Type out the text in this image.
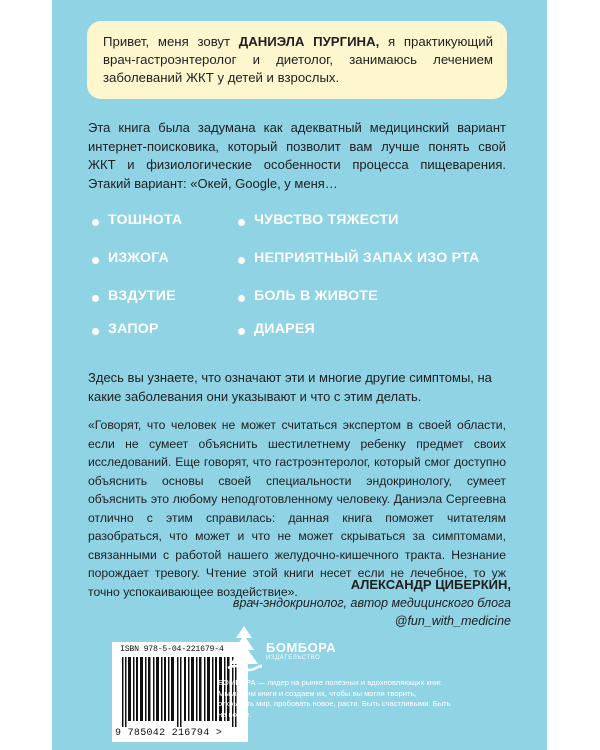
Привет, меня зовут ДАНИЭЛА ПУРГИНА, я практикующий врач-гастроэнтеролог и диетолог, занимаюсь лечением заболеваний ЖКТ у детей и взрослых.

Эта книга была задумана как адекватный медицинский вариант интернет-поисковика, который позволит вам лучше понять свой ЖКТ и физиологические особенности процесса пищеварения. Этакий вариант: «Окей, Google, у меня…

ТОШНОТА
ИЗЖОГА
ВЗДУТИЕ
ЗАПОР
ЧУВСТВО ТЯЖЕСТИ
НЕПРИЯТНЫЙ ЗАПАХ ИЗО РТА
БОЛЬ В ЖИВОТЕ
ДИАРЕЯ

Здесь вы узнаете, что означают эти и многие другие симптомы, на какие заболевания они указывают и что с этим делать.

«Говорят, что человек не может считаться экспертом в своей области, если не сумеет объяснить шестилетнему ребенку предмет своих исследований. Еще говорят, что гастроэнтеролог, который смог доступно объяснить основы своей специальности эндокринологу, сумеет объяснить это любому неподготовленному человеку. Даниэла Сергеевна отлично с этим справилась: данная книга поможет читателям разобраться, что может и что не может скрываться за симптомами, связанными с работой нашего желудочно-кишечного тракта. Незнание порождает тревогу. Чтение этой книги несет если не лечебное, то уж точно успокаивающее воздействие».	АЛЕКСАНДР ЦИБЕРКИН,
врач-эндокринолог, автор медицинского блога
@fun_with_medicine
ISBN 978-5-04-221679-4
9 785042 216794 >
БОМБОРА
ИЗДАТЕЛЬСТВО

БОМБОРА — лидер на рынке полезных и вдохновляющих книг. Мы любим книги и создаем их, чтобы вы могли творить, открывать мир, пробовать новое, расти. Быть счастливыми. Быть на волне.
